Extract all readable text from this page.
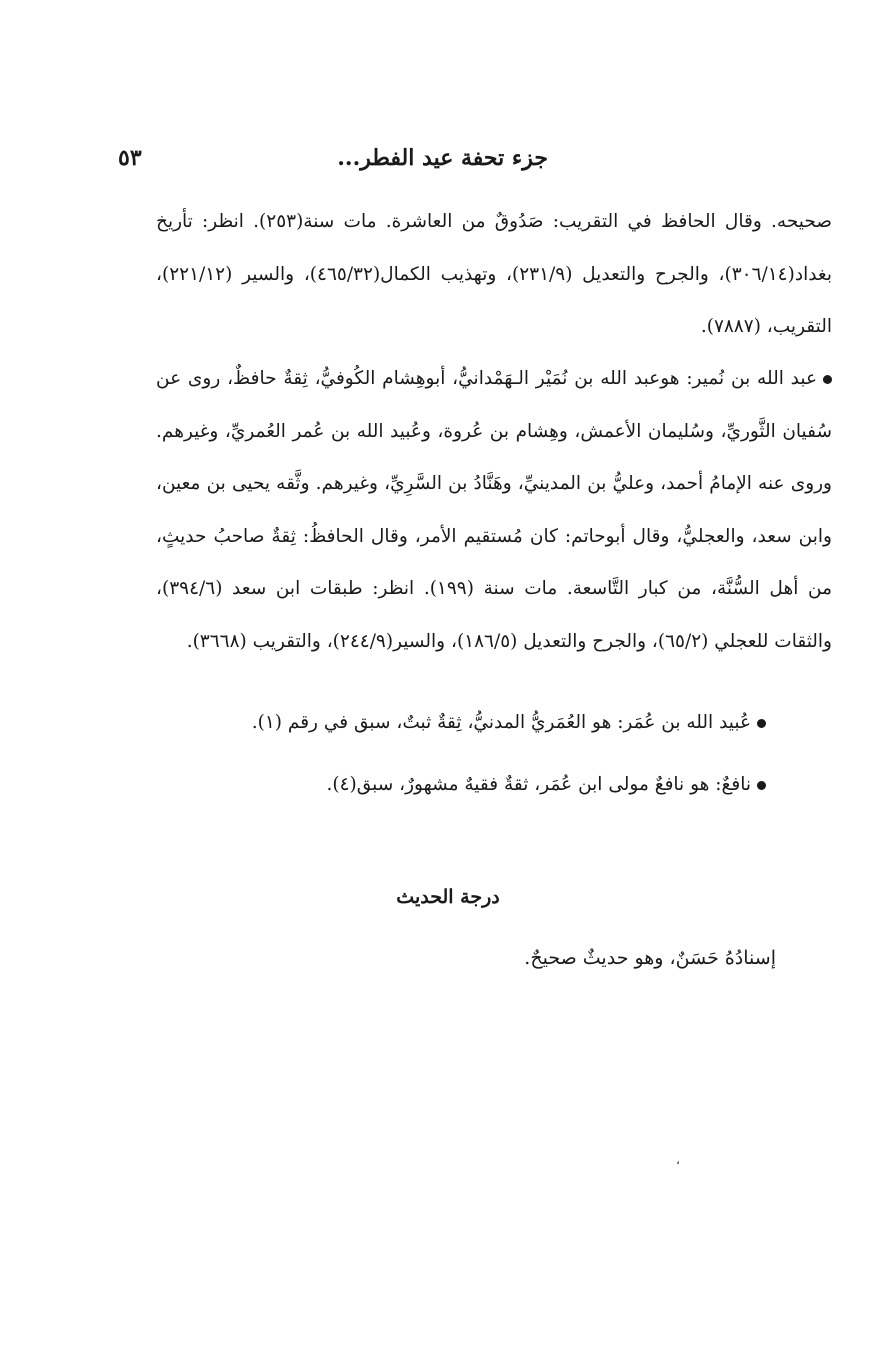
جزء تحفة عيد الفطر...
٥٣
صحيحه. وقال الحافظ في التقريب: صَدُوقٌ من العاشرة. مات سنة(٢٥٣). انظر: تأريخ بغداد(٣٠٦/١٤)، والجرح والتعديل (٢٣١/٩)، وتهذيب الكمال(٤٦٥/٣٢)، والسير (٢٢١/١٢)، التقريب، (٧٨٨٧).
عبد الله بن نُمير: هوعبد الله بن نُمَيْر الـهَمْدانيُّ، أبوهِشام الكُوفيُّ، ثِقةٌ حافظٌ، روى عن سُفيان الثَّوريِّ، وسُليمان الأعمش، وهِشام بن عُروة، وعُبيد الله بن عُمر العُمريِّ، وغيرهم. وروى عنه الإمامُ أحمد، وعليُّ بن المدينيِّ، وهَنَّادُ بن السَّرِيِّ، وغيرهم. وثَّقه يحيى بن معين، وابن سعد، والعجليُّ، وقال أبوحاتم: كان مُستقيم الأمر، وقال الحافظُ: ثِقةٌ صاحبُ حديثٍ، من أهل السُّنَّة، من كبار التَّاسعة. مات سنة (١٩٩). انظر: طبقات ابن سعد (٣٩٤/٦)، والثقات للعجلي (٦٥/٢)، والجرح والتعديل (١٨٦/٥)، والسير(٢٤٤/٩)، والتقريب (٣٦٦٨).
عُبيد الله بن عُمَر: هو العُمَريُّ المدنيُّ، ثِقةٌ ثبتٌ، سبق في رقم (١).
نافعٌ: هو نافعٌ مولى ابن عُمَر، ثقةٌ فقيهٌ مشهورٌ، سبق(٤).
درجة الحديث
إسنادُهُ حَسَنٌ، وهو حديثٌ صحيحٌ.
،
